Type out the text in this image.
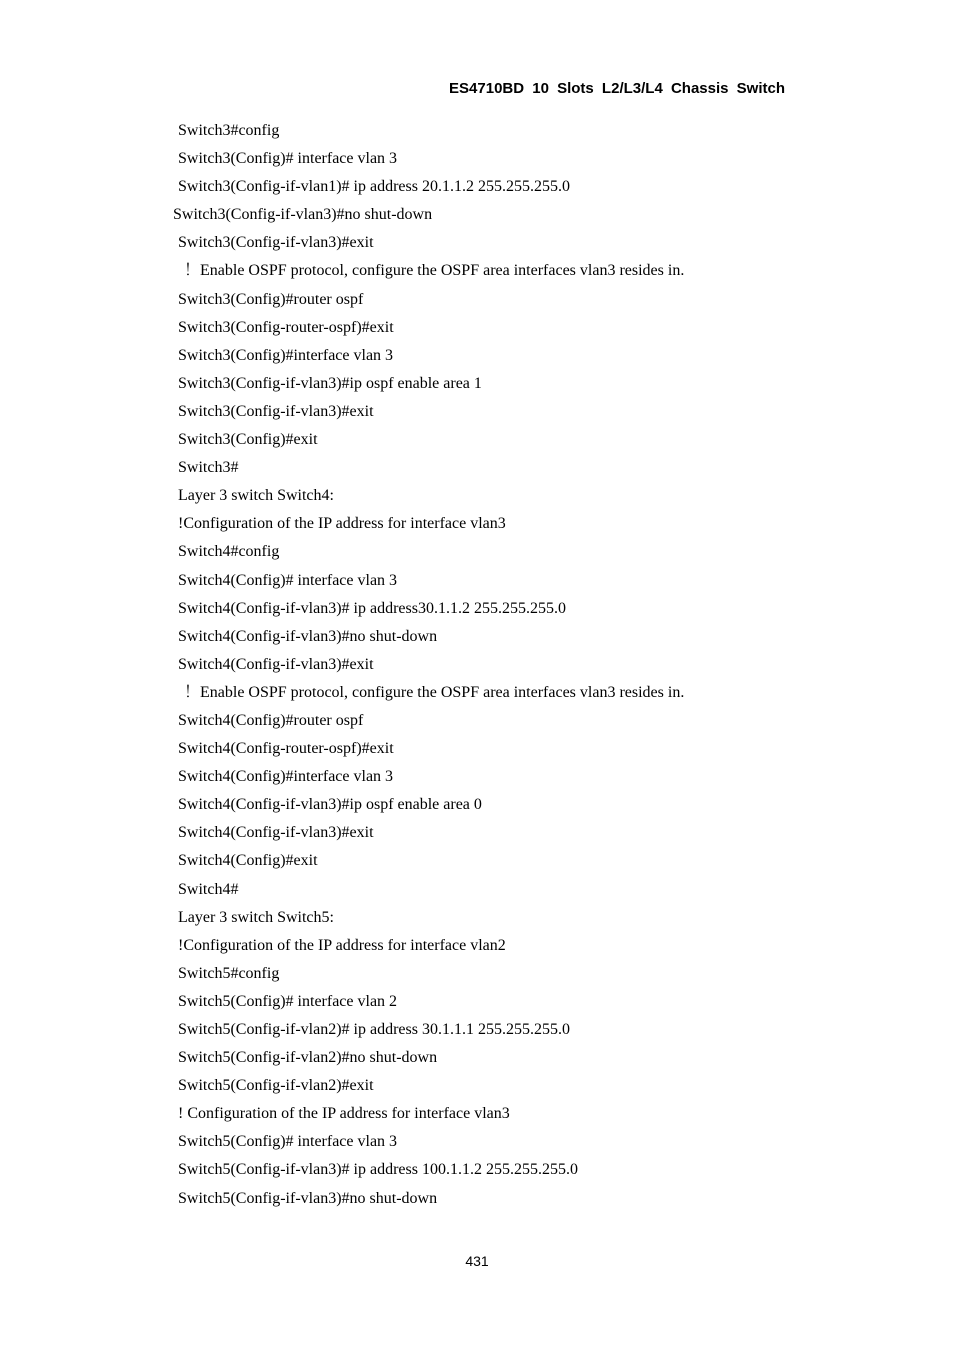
ES4710BD 10 Slots L2/L3/L4 Chassis Switch
Switch3#config
Switch3(Config)# interface vlan 3
Switch3(Config-if-vlan1)# ip address 20.1.1.2 255.255.255.0
Switch3(Config-if-vlan3)#no shut-down
Switch3(Config-if-vlan3)#exit
！Enable OSPF protocol, configure the OSPF area interfaces vlan3 resides in.
Switch3(Config)#router ospf
Switch3(Config-router-ospf)#exit
Switch3(Config)#interface vlan 3
Switch3(Config-if-vlan3)#ip ospf enable area 1
Switch3(Config-if-vlan3)#exit
Switch3(Config)#exit
Switch3#
Layer 3 switch Switch4:
!Configuration of the IP address for interface vlan3
Switch4#config
Switch4(Config)# interface vlan 3
Switch4(Config-if-vlan3)# ip address30.1.1.2 255.255.255.0
Switch4(Config-if-vlan3)#no shut-down
Switch4(Config-if-vlan3)#exit
！Enable OSPF protocol, configure the OSPF area interfaces vlan3 resides in.
Switch4(Config)#router ospf
Switch4(Config-router-ospf)#exit
Switch4(Config)#interface vlan 3
Switch4(Config-if-vlan3)#ip ospf enable area 0
Switch4(Config-if-vlan3)#exit
Switch4(Config)#exit
Switch4#
Layer 3 switch Switch5:
!Configuration of the IP address for interface vlan2
Switch5#config
Switch5(Config)# interface vlan 2
Switch5(Config-if-vlan2)# ip address 30.1.1.1 255.255.255.0
Switch5(Config-if-vlan2)#no shut-down
Switch5(Config-if-vlan2)#exit
! Configuration of the IP address for interface vlan3
Switch5(Config)# interface vlan 3
Switch5(Config-if-vlan3)# ip address 100.1.1.2 255.255.255.0
Switch5(Config-if-vlan3)#no shut-down
431
